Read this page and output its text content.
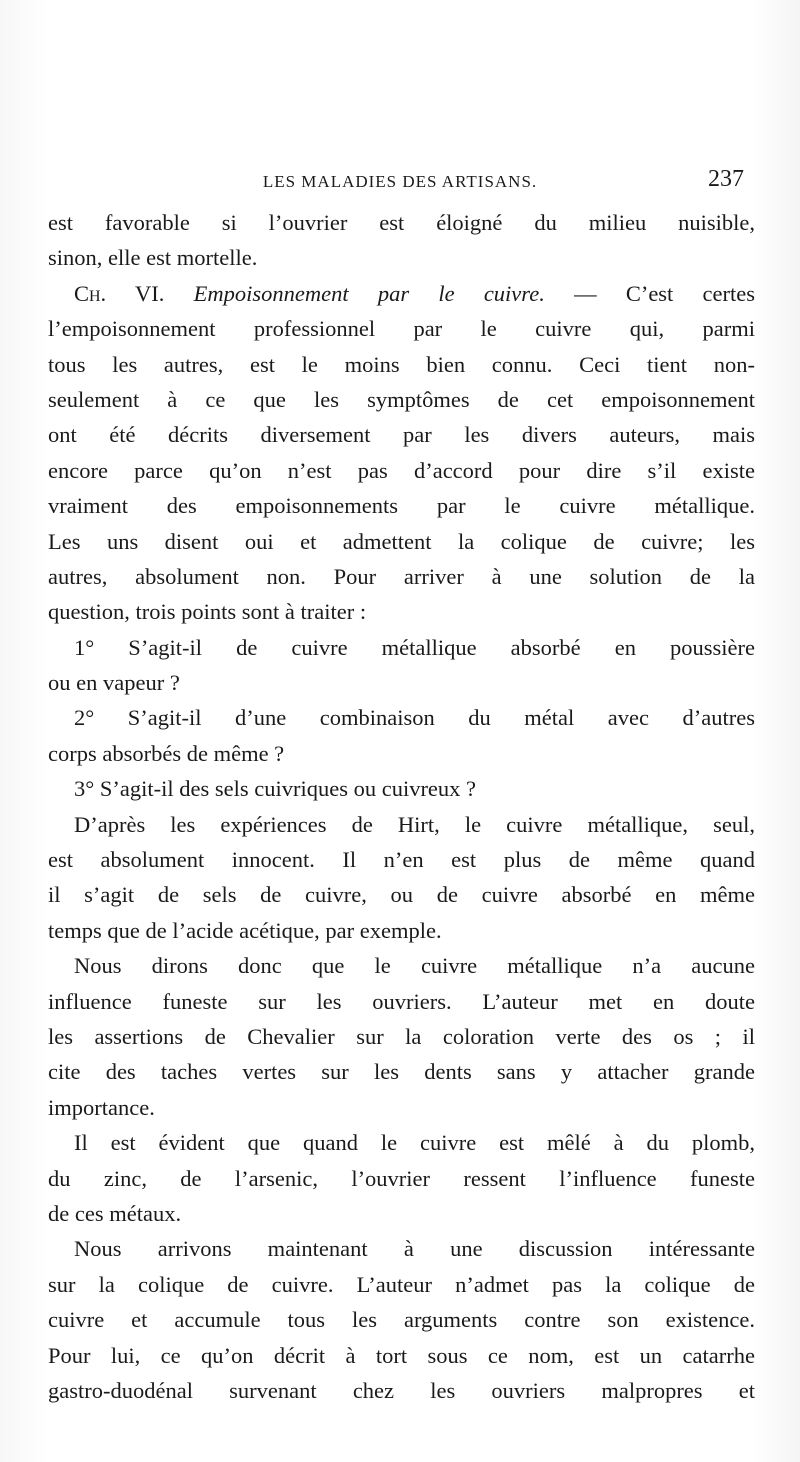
LES MALADIES DES ARTISANS.	237
est favorable si l’ouvrier est éloigné du milieu nuisible,
sinon, elle est mortelle.
Ch. VI. Empoisonnement par le cuivre. — C’est certes
l’empoisonnement professionnel par le cuivre qui, parmi
tous les autres, est le moins bien connu. Ceci tient non-
seulement à ce que les symptômes de cet empoisonnement
ont été décrits diversement par les divers auteurs, mais
encore parce qu’on n’est pas d’accord pour dire s’il existe
vraiment des empoisonnements par le cuivre métallique.
Les uns disent oui et admettent la colique de cuivre; les
autres, absolument non. Pour arriver à une solution de la
question, trois points sont à traiter :
1° S’agit-il de cuivre métallique absorbé en poussière
ou en vapeur ?
2° S’agit-il d’une combinaison du métal avec d’autres
corps absorbés de même ?
3° S’agit-il des sels cuivriques ou cuivreux ?
D’après les expériences de Hirt, le cuivre métallique, seul,
est absolument innocent. Il n’en est plus de même quand
il s’agit de sels de cuivre, ou de cuivre absorbé en même
temps que de l’acide acétique, par exemple.
Nous dirons donc que le cuivre métallique n’a aucune
influence funeste sur les ouvriers. L’auteur met en doute
les assertions de Chevalier sur la coloration verte des os ; il
cite des taches vertes sur les dents sans y attacher grande
importance.
Il est évident que quand le cuivre est mêlé à du plomb,
du zinc, de l’arsenic, l’ouvrier ressent l’influence funeste
de ces métaux.
Nous arrivons maintenant à une discussion intéressante
sur la colique de cuivre. L’auteur n’admet pas la colique de
cuivre et accumule tous les arguments contre son existence.
Pour lui, ce qu’on décrit à tort sous ce nom, est un catarrhe
gastro-duodénal survenant chez les ouvriers malpropres et
